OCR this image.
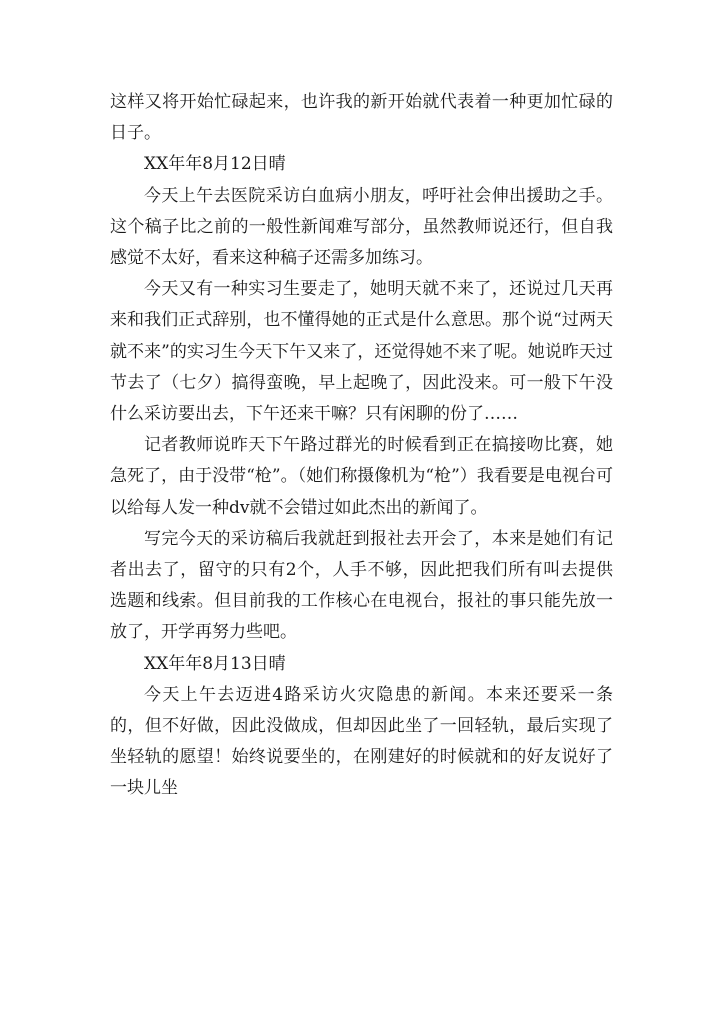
这样又将开始忙碌起来，也许我的新开始就代表着一种更加忙碌的日子。

XX年年8月12日晴

今天上午去医院采访白血病小朋友，呼吁社会伸出援助之手。这个稿子比之前的一般性新闻难写部分，虽然教师说还行，但自我感觉不太好，看来这种稿子还需多加练习。

今天又有一种实习生要走了，她明天就不来了，还说过几天再来和我们正式辞别，也不懂得她的正式是什么意思。那个说“过两天就不来”的实习生今天下午又来了，还觉得她不来了呢。她说昨天过节去了（七夕）搞得蛮晚，早上起晚了，因此没来。可一般下午没什么采访要出去，下午还来干嘛？只有闲聊的份了……

记者教师说昨天下午路过群光的时候看到正在搞接吻比赛，她急死了，由于没带“枪”。（她们称摄像机为“枪”）我看要是电视台可以给每人发一种dv就不会错过如此杰出的新闻了。

写完今天的采访稿后我就赶到报社去开会了，本来是她们有记者出去了，留守的只有2个，人手不够，因此把我们所有叫去提供选题和线索。但目前我的工作核心在电视台，报社的事只能先放一放了，开学再努力些吧。

XX年年8月13日晴

今天上午去迈进4路采访火灾隐患的新闻。本来还要采一条的，但不好做，因此没做成，但却因此坐了一回轻轨，最后实现了坐轻轨的愿望！始终说要坐的，在刚建好的时候就和的好友说好了一块儿坐
